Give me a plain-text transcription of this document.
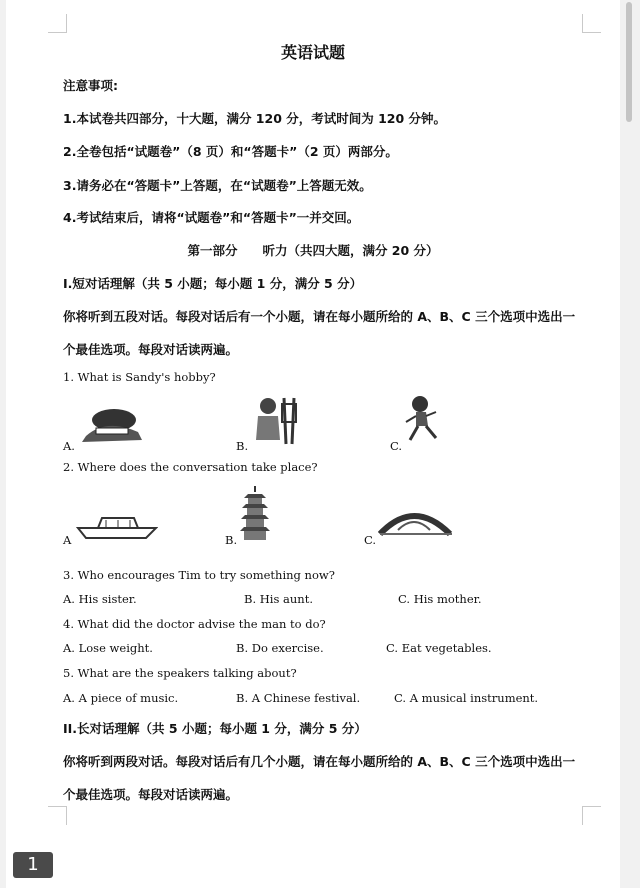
英语试题
注意事项:
1.本试卷共四部分，十大题，满分 120 分，考试时间为 120 分钟。
2.全卷包括“试题卷”（8 页）和“答题卡”（2 页）两部分。
3.请务必在“答题卡”上答题，在“试题卷”上答题无效。
4.考试结束后，请将“试题卷”和“答题卡”一并交回。
第一部分　　听力（共四大题，满分 20 分）
I.短对话理解（共 5 小题；每小题 1 分，满分 5 分）
你将听到五段对话。每段对话后有一个小题，请在每小题所给的 A、B、C 三个选项中选出一
个最佳选项。每段对话读两遍。
1. What is Sandy's hobby?
A.	B.	C.
2. Where does the conversation take place?
A	B.	C.
3. Who encourages Tim to try something now?
A. His sister.	B. His aunt.	C. His mother.
4. What did the doctor advise the man to do?
A. Lose weight.	B. Do exercise.	C. Eat vegetables.
5. What are the speakers talking about?
A. A piece of music.	B. A Chinese festival.	C. A musical instrument.
II.长对话理解（共 5 小题；每小题 1 分，满分 5 分）
你将听到两段对话。每段对话后有几个小题，请在每小题所给的 A、B、C 三个选项中选出一
个最佳选项。每段对话读两遍。
1
